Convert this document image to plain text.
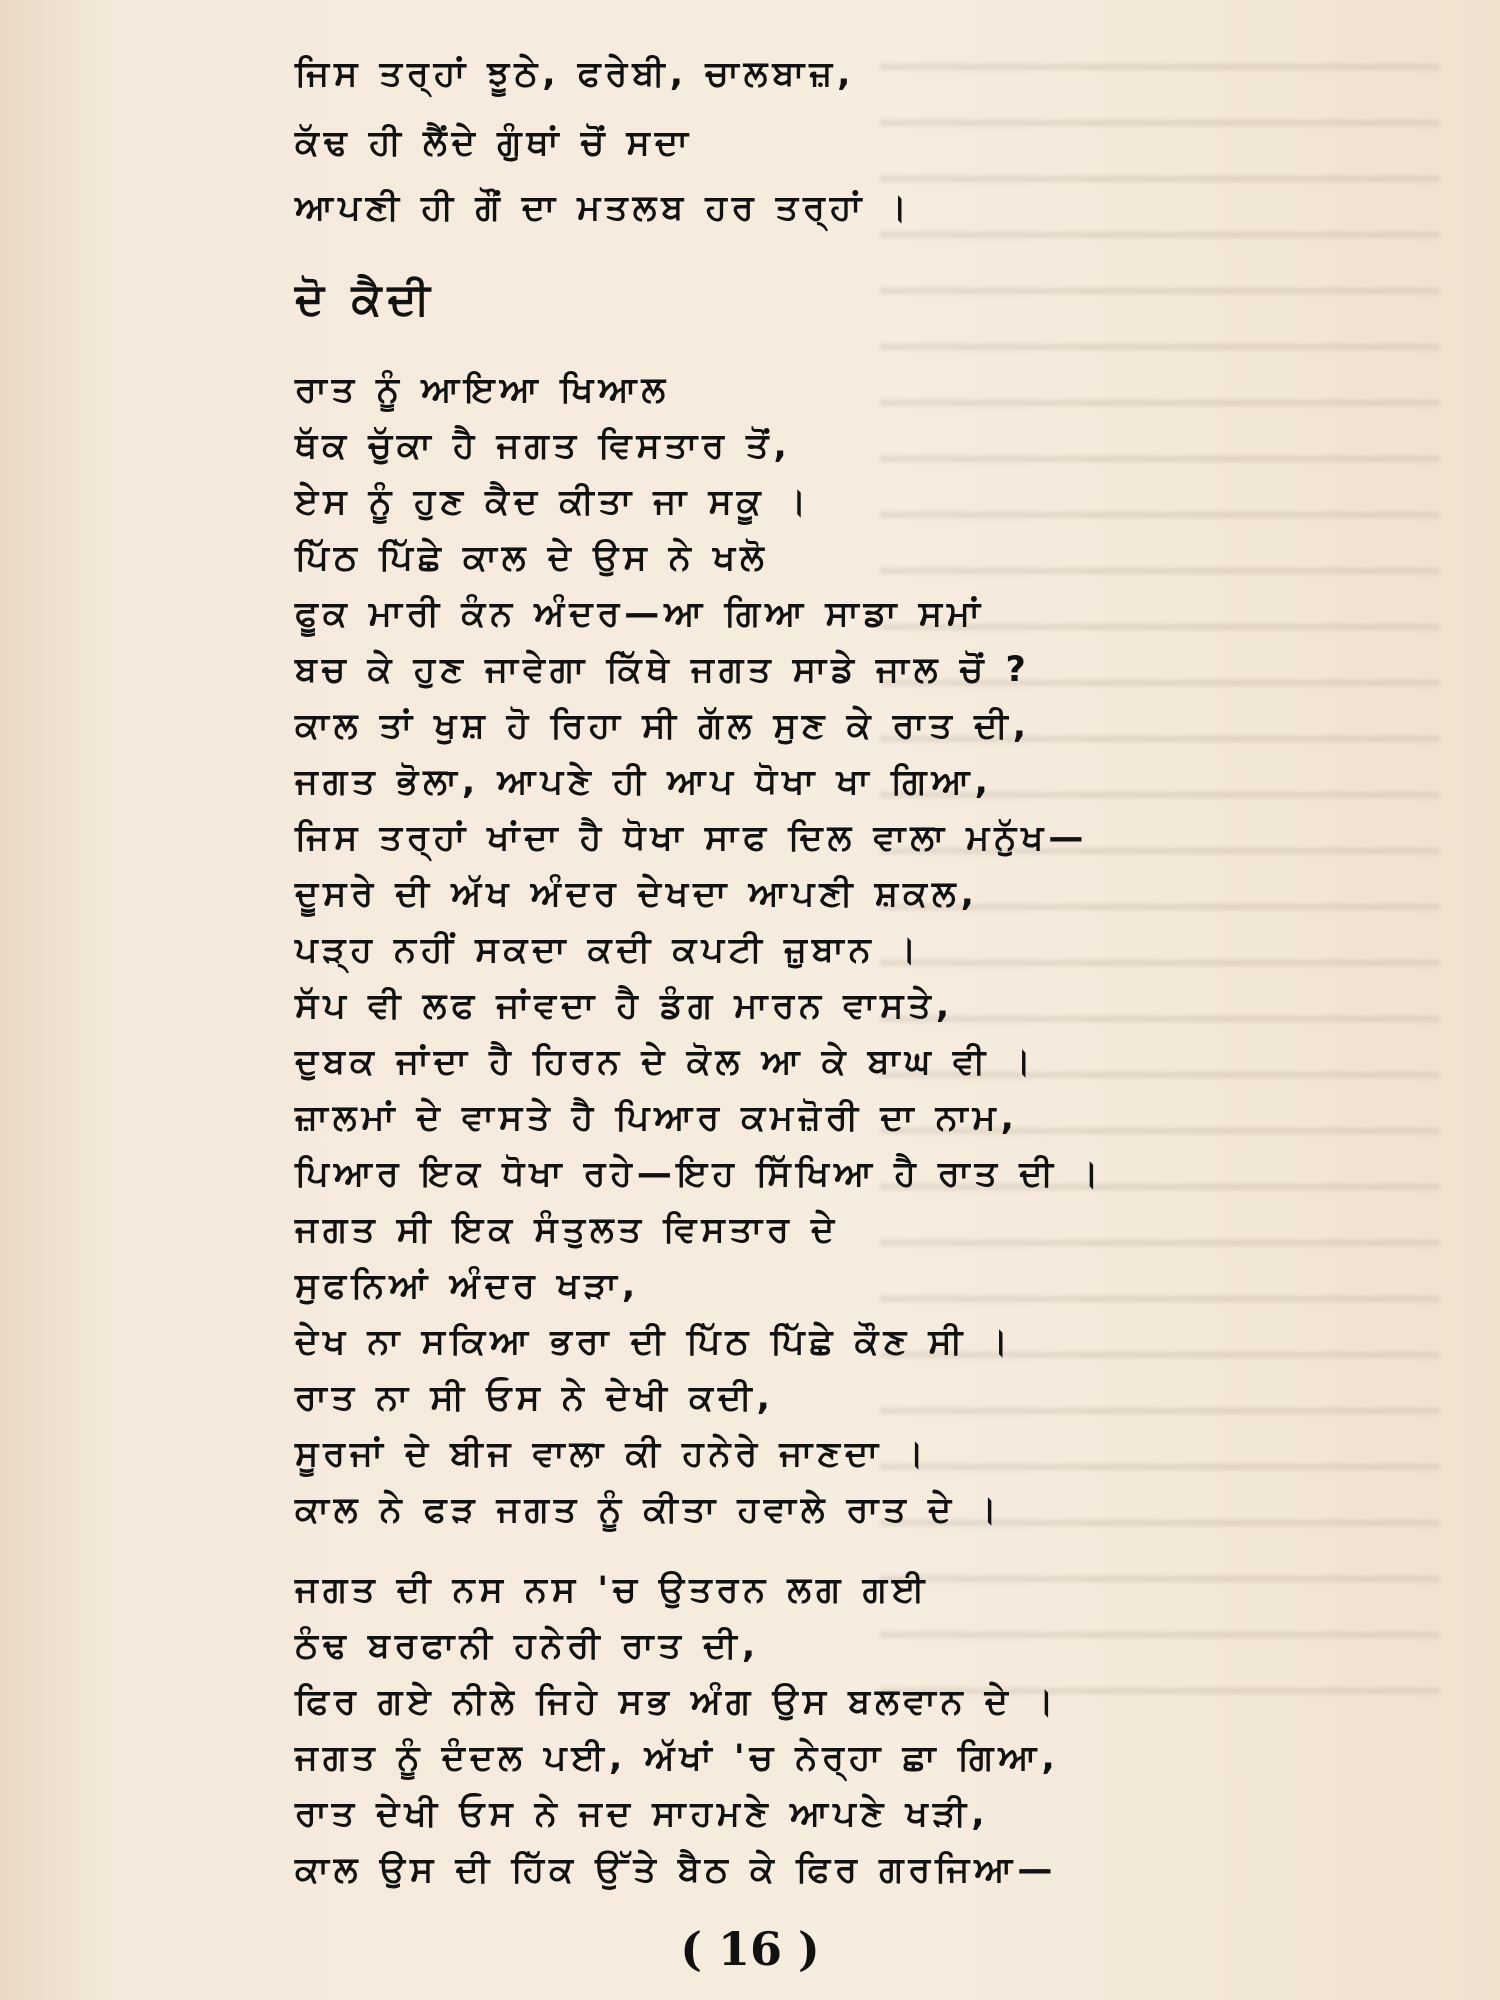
ਜਿਸ ਤਰ੍ਹਾਂ ਝੂਠੇ, ਫਰੇਬੀ, ਚਾਲਬਾਜ਼,
ਕੱਢ ਹੀ ਲੈਂਦੇ ਗੁੰਥਾਂ ਚੋਂ ਸਦਾ
ਆਪਣੀ ਹੀ ਗੌਂ ਦਾ ਮਤਲਬ ਹਰ ਤਰ੍ਹਾਂ ।
ਦੋ ਕੈਦੀ
ਰਾਤ ਨੂੰ ਆਇਆ ਖਿਆਲ
ਥੱਕ ਚੁੱਕਾ ਹੈ ਜਗਤ ਵਿਸਤਾਰ ਤੋਂ,
ਏਸ ਨੂੰ ਹੁਣ ਕੈਦ ਕੀਤਾ ਜਾ ਸਕੂ ।
ਪਿੱਠ ਪਿੱਛੇ ਕਾਲ ਦੇ ਉਸ ਨੇ ਖਲੋ
ਫੂਕ ਮਾਰੀ ਕੰਨ ਅੰਦਰ—ਆ ਗਿਆ ਸਾਡਾ ਸਮਾਂ
ਬਚ ਕੇ ਹੁਣ ਜਾਵੇਗਾ ਕਿੱਥੇ ਜਗਤ ਸਾਡੇ ਜਾਲ ਚੋਂ ?
ਕਾਲ ਤਾਂ ਖੁਸ਼ ਹੋ ਰਿਹਾ ਸੀ ਗੱਲ ਸੁਣ ਕੇ ਰਾਤ ਦੀ,
ਜਗਤ ਭੋਲਾ, ਆਪਣੇ ਹੀ ਆਪ ਧੋਖਾ ਖਾ ਗਿਆ,
ਜਿਸ ਤਰ੍ਹਾਂ ਖਾਂਦਾ ਹੈ ਧੋਖਾ ਸਾਫ ਦਿਲ ਵਾਲਾ ਮਨੁੱਖ—
ਦੂਸਰੇ ਦੀ ਅੱਖ ਅੰਦਰ ਦੇਖਦਾ ਆਪਣੀ ਸ਼ਕਲ,
ਪੜ੍ਹ ਨਹੀਂ ਸਕਦਾ ਕਦੀ ਕਪਟੀ ਜ਼ੁਬਾਨ ।
ਸੱਪ ਵੀ ਲਫ ਜਾਂਵਦਾ ਹੈ ਡੰਗ ਮਾਰਨ ਵਾਸਤੇ,
ਦੁਬਕ ਜਾਂਦਾ ਹੈ ਹਿਰਨ ਦੇ ਕੋਲ ਆ ਕੇ ਬਾਘ ਵੀ ।
ਜ਼ਾਲਮਾਂ ਦੇ ਵਾਸਤੇ ਹੈ ਪਿਆਰ ਕਮਜ਼ੋਰੀ ਦਾ ਨਾਮ,
ਪਿਆਰ ਇਕ ਧੋਖਾ ਰਹੇ—ਇਹ ਸਿੱਖਿਆ ਹੈ ਰਾਤ ਦੀ ।
ਜਗਤ ਸੀ ਇਕ ਸੰਤੁਲਤ ਵਿਸਤਾਰ ਦੇ
ਸੁਫਨਿਆਂ ਅੰਦਰ ਖੜਾ,
ਦੇਖ ਨਾ ਸਕਿਆ ਭਰਾ ਦੀ ਪਿੱਠ ਪਿੱਛੇ ਕੌਣ ਸੀ ।
ਰਾਤ ਨਾ ਸੀ ਓਸ ਨੇ ਦੇਖੀ ਕਦੀ,
ਸੂਰਜਾਂ ਦੇ ਬੀਜ ਵਾਲਾ ਕੀ ਹਨੇਰੇ ਜਾਣਦਾ ।
ਕਾਲ ਨੇ ਫੜ ਜਗਤ ਨੂੰ ਕੀਤਾ ਹਵਾਲੇ ਰਾਤ ਦੇ ।
ਜਗਤ ਦੀ ਨਸ ਨਸ 'ਚ ਉਤਰਨ ਲਗ ਗਈ
ਠੰਢ ਬਰਫਾਨੀ ਹਨੇਰੀ ਰਾਤ ਦੀ,
ਫਿਰ ਗਏ ਨੀਲੇ ਜਿਹੇ ਸਭ ਅੰਗ ਉਸ ਬਲਵਾਨ ਦੇ ।
ਜਗਤ ਨੂੰ ਦੰਦਲ ਪਈ, ਅੱਖਾਂ 'ਚ ਨੇਰ੍ਹਾ ਛਾ ਗਿਆ,
ਰਾਤ ਦੇਖੀ ਓਸ ਨੇ ਜਦ ਸਾਹਮਣੇ ਆਪਣੇ ਖੜੀ,
ਕਾਲ ਉਸ ਦੀ ਹਿੱਕ ਉੱਤੇ ਬੈਠ ਕੇ ਫਿਰ ਗਰਜਿਆ—
( 16 )
